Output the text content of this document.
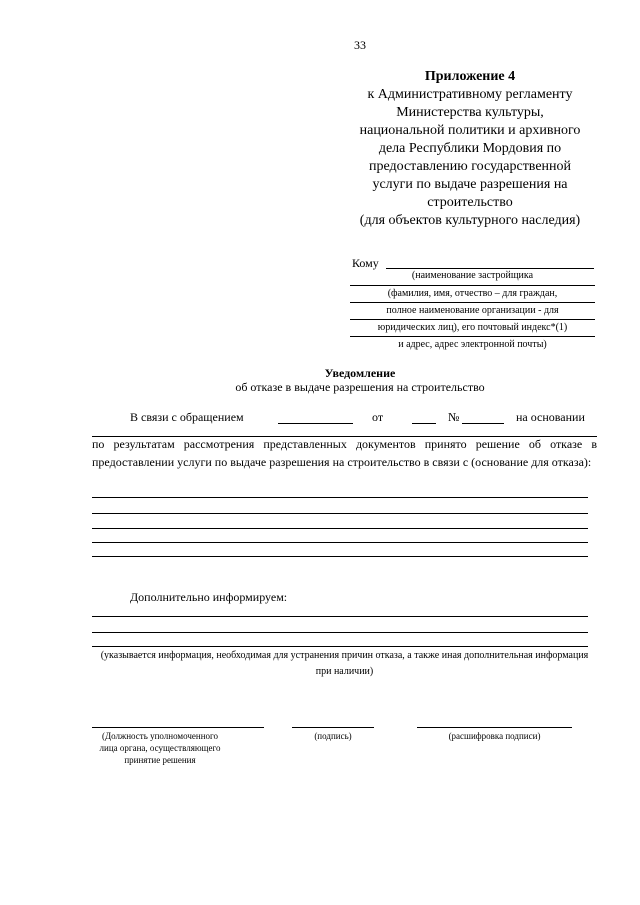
33
Приложение 4
к Административному регламенту
Министерства культуры,
национальной политики и архивного
дела Республики Мордовия по
предоставлению государственной
услуги по выдаче разрешения на
строительство
(для объектов культурного наследия)
Кому
(наименование застройщика
(фамилия, имя, отчество – для граждан,
полное наименование организации - для
юридических лиц), его почтовый индекс*(1)
и адрес, адрес электронной почты)
Уведомление
об отказе в выдаче разрешения на строительство
В связи с обращением	от	№	на основании
по результатам рассмотрения представленных документов принято решение об отказе в предоставлении услуги по выдаче разрешения на строительство в связи с (основание для отказа):
Дополнительно информируем:
(указывается информация, необходимая для устранения причин отказа, а также иная дополнительная информация при наличии)
(Должность уполномоченного лица органа, осуществляющего принятие решения
(подпись)	(расшифровка подписи)
